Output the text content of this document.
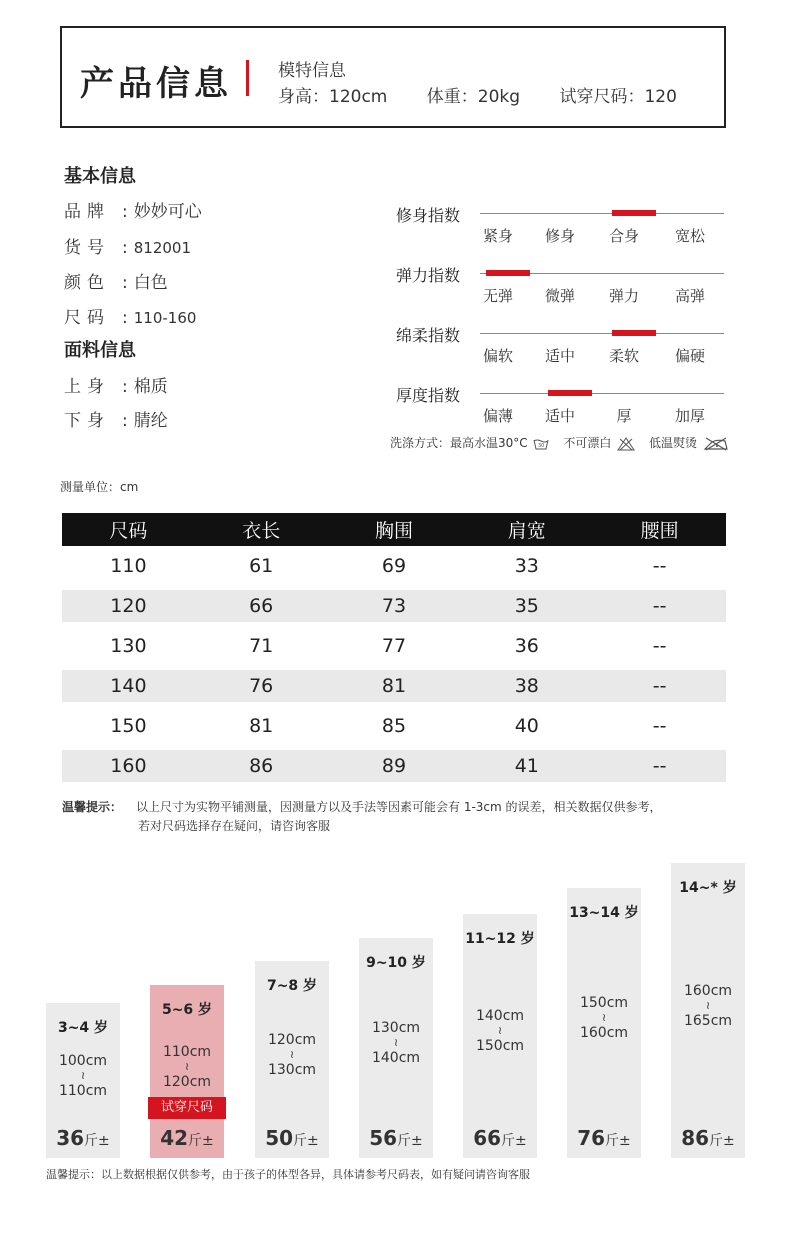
产品信息	模特信息
身高：120cm 体重：20kg 试穿尺码：120
基本信息
品牌 : 妙妙可心
货号 : 812001
颜色 : 白色
尺码 : 110-160
面料信息
上身 : 棉质
下身 : 腈纶
修身指数
紧身	修身	合身	宽松
弹力指数
无弹	微弹	弹力	高弹
绵柔指数
偏软	适中	柔软	偏硬
厚度指数
偏薄	适中	厚	加厚
洗涤方式：最高水温30°C 30 不可漂白	低温熨烫
测量单位：cm
尺码	衣长	胸围	肩宽	腰围
110	61	69	33	--
120	66	73	35	--
130	71	77	36	--
140	76	81	38	--
150	81	85	40	--
160	86	89	41	--
温馨提示： 以上尺寸为实物平铺测量，因测量方以及手法等因素可能会有 1-3cm 的误差，相关数据仅供参考，
若对尺码选择存在疑问，请咨询客服
3~4 岁
100cm
≀
110cm
36斤±
5~6 岁
110cm
≀
120cm
42斤±
7~8 岁
120cm
≀
130cm
50斤±
9~10 岁
130cm
≀
140cm
56斤±
11~12 岁
140cm
≀
150cm
66斤±
13~14 岁
150cm
≀
160cm
76斤±
14~* 岁
160cm
≀
165cm
86斤±
试穿尺码
温馨提示：以上数据根据仅供参考，由于孩子的体型各异，具体请参考尺码表，如有疑问请咨询客服
